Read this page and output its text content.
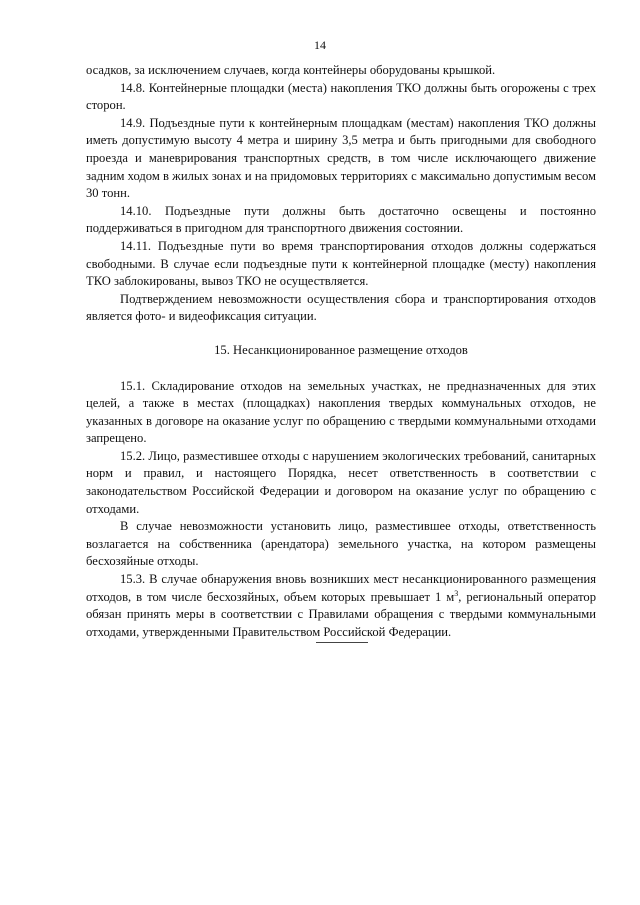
14

осадков, за исключением случаев, когда контейнеры оборудованы крышкой.

14.8. Контейнерные площадки (места) накопления ТКО должны быть огорожены с трех сторон.

14.9. Подъездные пути к контейнерным площадкам (местам) накопления ТКО должны иметь допустимую высоту 4 метра и ширину 3,5 метра и быть пригодными для свободного проезда и маневрирования транспортных средств, в том числе исключающего движение задним ходом в жилых зонах и на придомовых территориях с максимально допустимым весом 30 тонн.

14.10. Подъездные пути должны быть достаточно освещены и постоянно поддерживаться в пригодном для транспортного движения состоянии.

14.11. Подъездные пути во время транспортирования отходов должны содержаться свободными. В случае если подъездные пути к контейнерной площадке (месту) накопления ТКО заблокированы, вывоз ТКО не осуществляется.

Подтверждением невозможности осуществления сбора и транспортирования отходов является фото- и видеофиксация ситуации.

15. Несанкционированное размещение отходов

15.1. Складирование отходов на земельных участках, не предназначенных для этих целей, а также в местах (площадках) накопления твердых коммунальных отходов, не указанных в договоре на оказание услуг по обращению с твердыми коммунальными отходами запрещено.

15.2. Лицо, разместившее отходы с нарушением экологических требований, санитарных норм и правил, и настоящего Порядка, несет ответственность в соответствии с законодательством Российской Федерации и договором на оказание услуг по обращению с отходами.

В случае невозможности установить лицо, разместившее отходы, ответственность возлагается на собственника (арендатора) земельного участка, на котором размещены бесхозяйные отходы.

15.3. В случае обнаружения вновь возникших мест несанкционированного размещения отходов, в том числе бесхозяйных, объем которых превышает 1 $м^3$, региональный оператор обязан принять меры в соответствии с Правилами обращения с твердыми коммунальными отходами, утвержденными Правительством Российской Федерации.
